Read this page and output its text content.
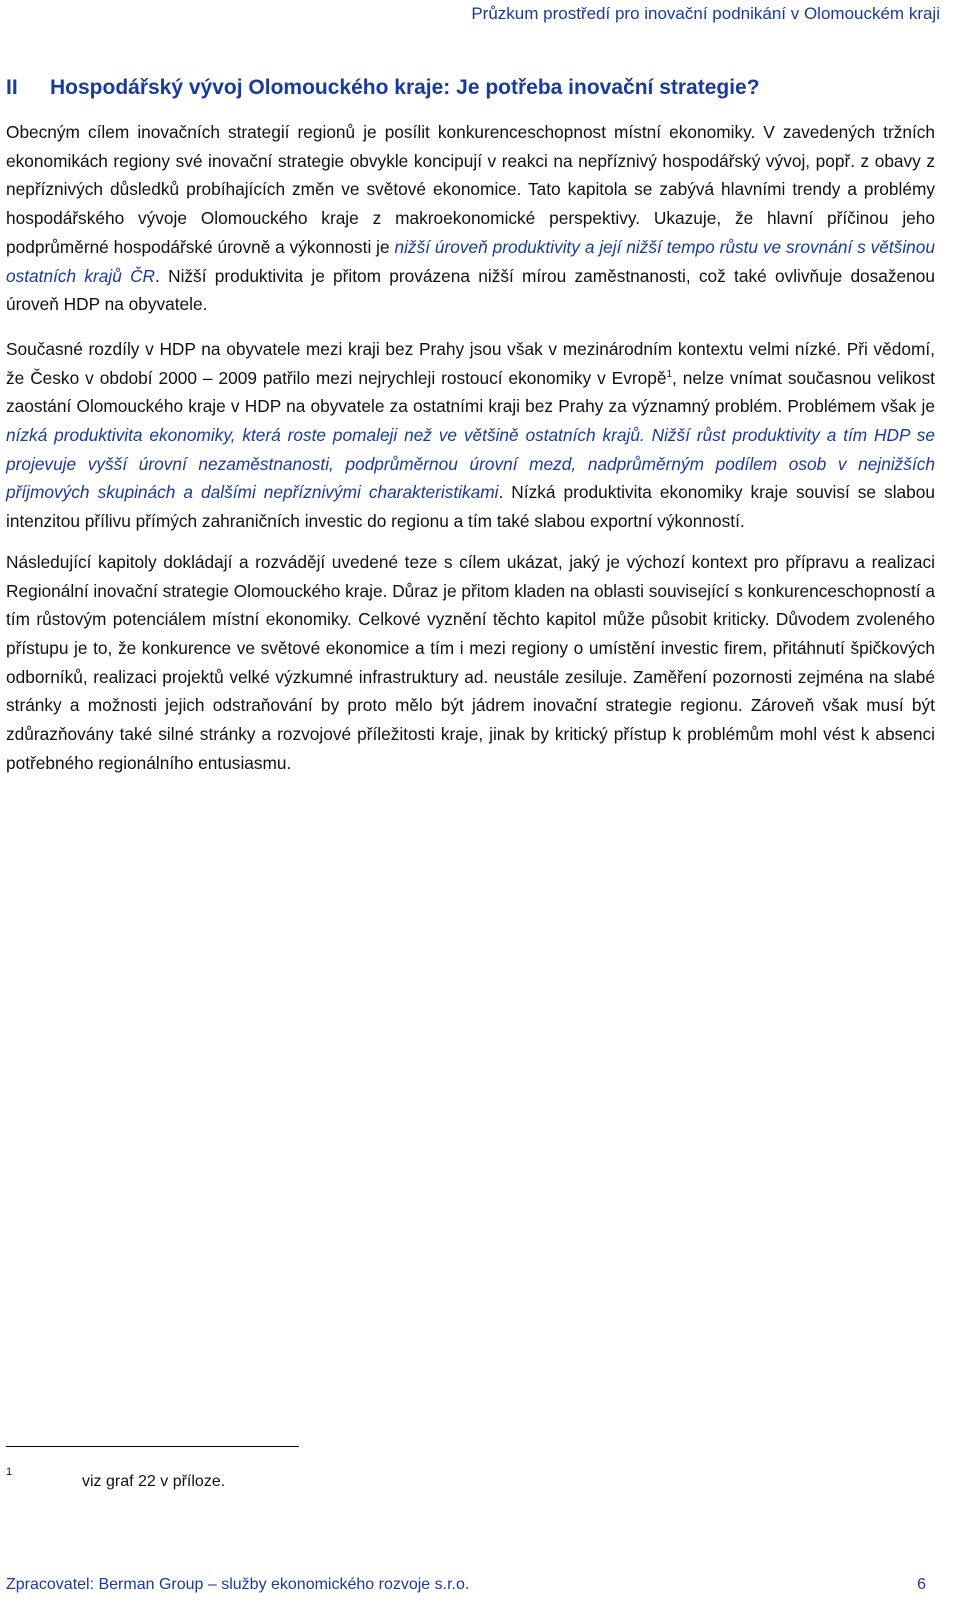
Průzkum prostředí pro inovační podnikání v Olomouckém kraji
II Hospodářský vývoj Olomouckého kraje: Je potřeba inovační strategie?

Obecným cílem inovačních strategií regionů je posílit konkurenceschopnost místní ekonomiky. V zavedených tržních ekonomikách regiony své inovační strategie obvykle koncipují v reakci na nepříznivý hospodářský vývoj, popř. z obavy z nepříznivých důsledků probíhajících změn ve světové ekonomice. Tato kapitola se zabývá hlavními trendy a problémy hospodářského vývoje Olomouckého kraje z makroekonomické perspektivy. Ukazuje, že hlavní příčinou jeho podprůměrné hospodářské úrovně a výkonnosti je nižší úroveň produktivity a její nižší tempo růstu ve srovnání s většinou ostatních krajů ČR. Nižší produktivita je přitom provázena nižší mírou zaměstnanosti, což také ovlivňuje dosaženou úroveň HDP na obyvatele.

Současné rozdíly v HDP na obyvatele mezi kraji bez Prahy jsou však v mezinárodním kontextu velmi nízké. Při vědomí, že Česko v období 2000 – 2009 patřilo mezi nejrychleji rostoucí ekonomiky v Evropě$^1$, nelze vnímat současnou velikost zaostání Olomouckého kraje v HDP na obyvatele za ostatními kraji bez Prahy za významný problém. Problémem však je nízká produktivita ekonomiky, která roste pomaleji než ve většině ostatních krajů. Nižší růst produktivity a tím HDP se projevuje vyšší úrovní nezaměstnanosti, podprůměrnou úrovní mezd, nadprůměrným podílem osob v nejnižších příjmových skupinách a dalšími nepříznivými charakteristikami. Nízká produktivita ekonomiky kraje souvisí se slabou intenzitou přílivu přímých zahraničních investic do regionu a tím také slabou exportní výkonností.

Následující kapitoly dokládají a rozvádějí uvedené teze s cílem ukázat, jaký je výchozí kontext pro přípravu a realizaci Regionální inovační strategie Olomouckého kraje. Důraz je přitom kladen na oblasti související s konkurenceschopností a tím růstovým potenciálem místní ekonomiky. Celkové vyznění těchto kapitol může působit kriticky. Důvodem zvoleného přístupu je to, že konkurence ve světové ekonomice a tím i mezi regiony o umístění investic firem, přitáhnutí špičkových odborníků, realizaci projektů velké výzkumné infrastruktury ad. neustále zesiluje. Zaměření pozornosti zejména na slabé stránky a možnosti jejich odstraňování by proto mělo být jádrem inovační strategie regionu. Zároveň však musí být zdůrazňovány také silné stránky a rozvojové příležitosti kraje, jinak by kritický přístup k problémům mohl vést k absenci potřebného regionálního entusiasmu.

1
viz graf 22 v příloze.
Zpracovatel: Berman Group – služby ekonomického rozvoje s.r.o.	6
